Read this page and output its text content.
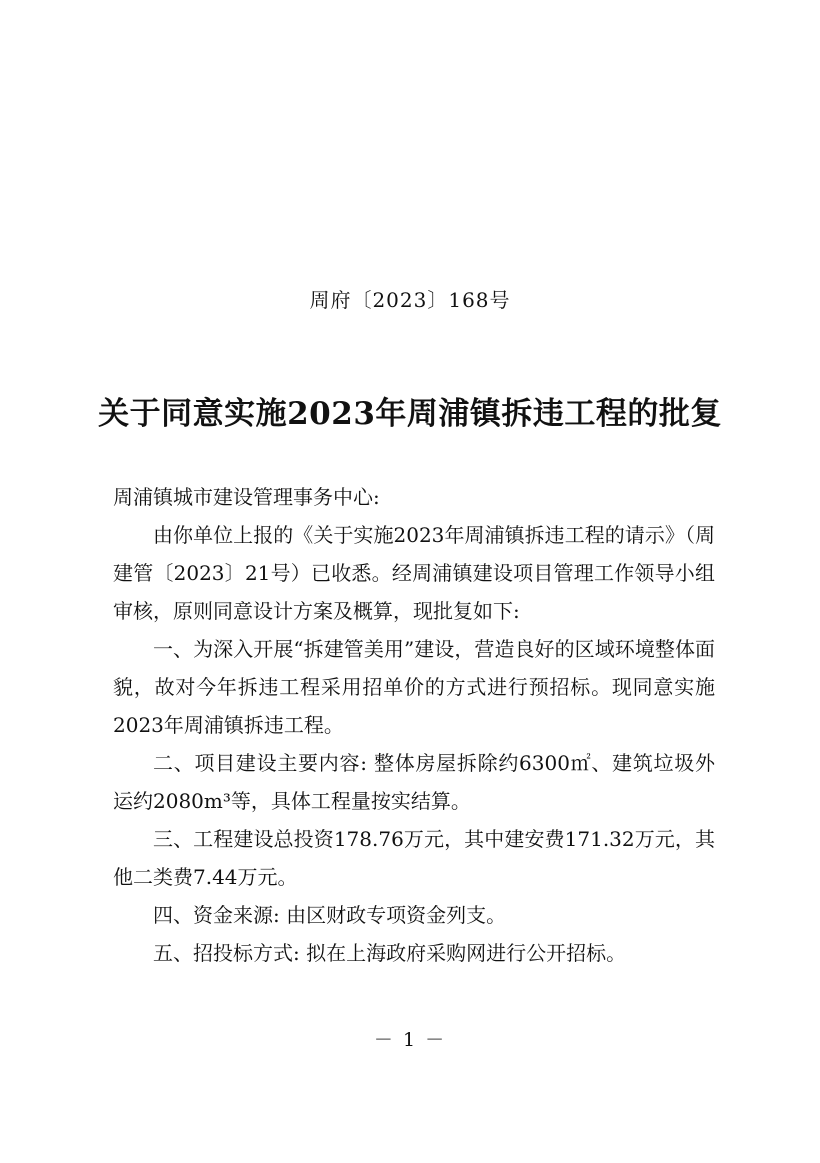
周府〔2023〕168号
关于同意实施2023年周浦镇拆违工程的批复

周浦镇城市建设管理事务中心:

由你单位上报的《关于实施2023年周浦镇拆违工程的请示》（周建管〔2023〕21号）已收悉。经周浦镇建设项目管理工作领导小组审核，原则同意设计方案及概算，现批复如下:

一、为深入开展“拆建管美用”建设，营造良好的区域环境整体面貌，故对今年拆违工程采用招单价的方式进行预招标。现同意实施2023年周浦镇拆违工程。

二、项目建设主要内容: 整体房屋拆除约6300㎡、建筑垃圾外运约2080m³等，具体工程量按实结算。

三、工程建设总投资178.76万元，其中建安费171.32万元，其他二类费7.44万元。

四、资金来源: 由区财政专项资金列支。

五、招投标方式: 拟在上海政府采购网进行公开招标。

－ 1 －
